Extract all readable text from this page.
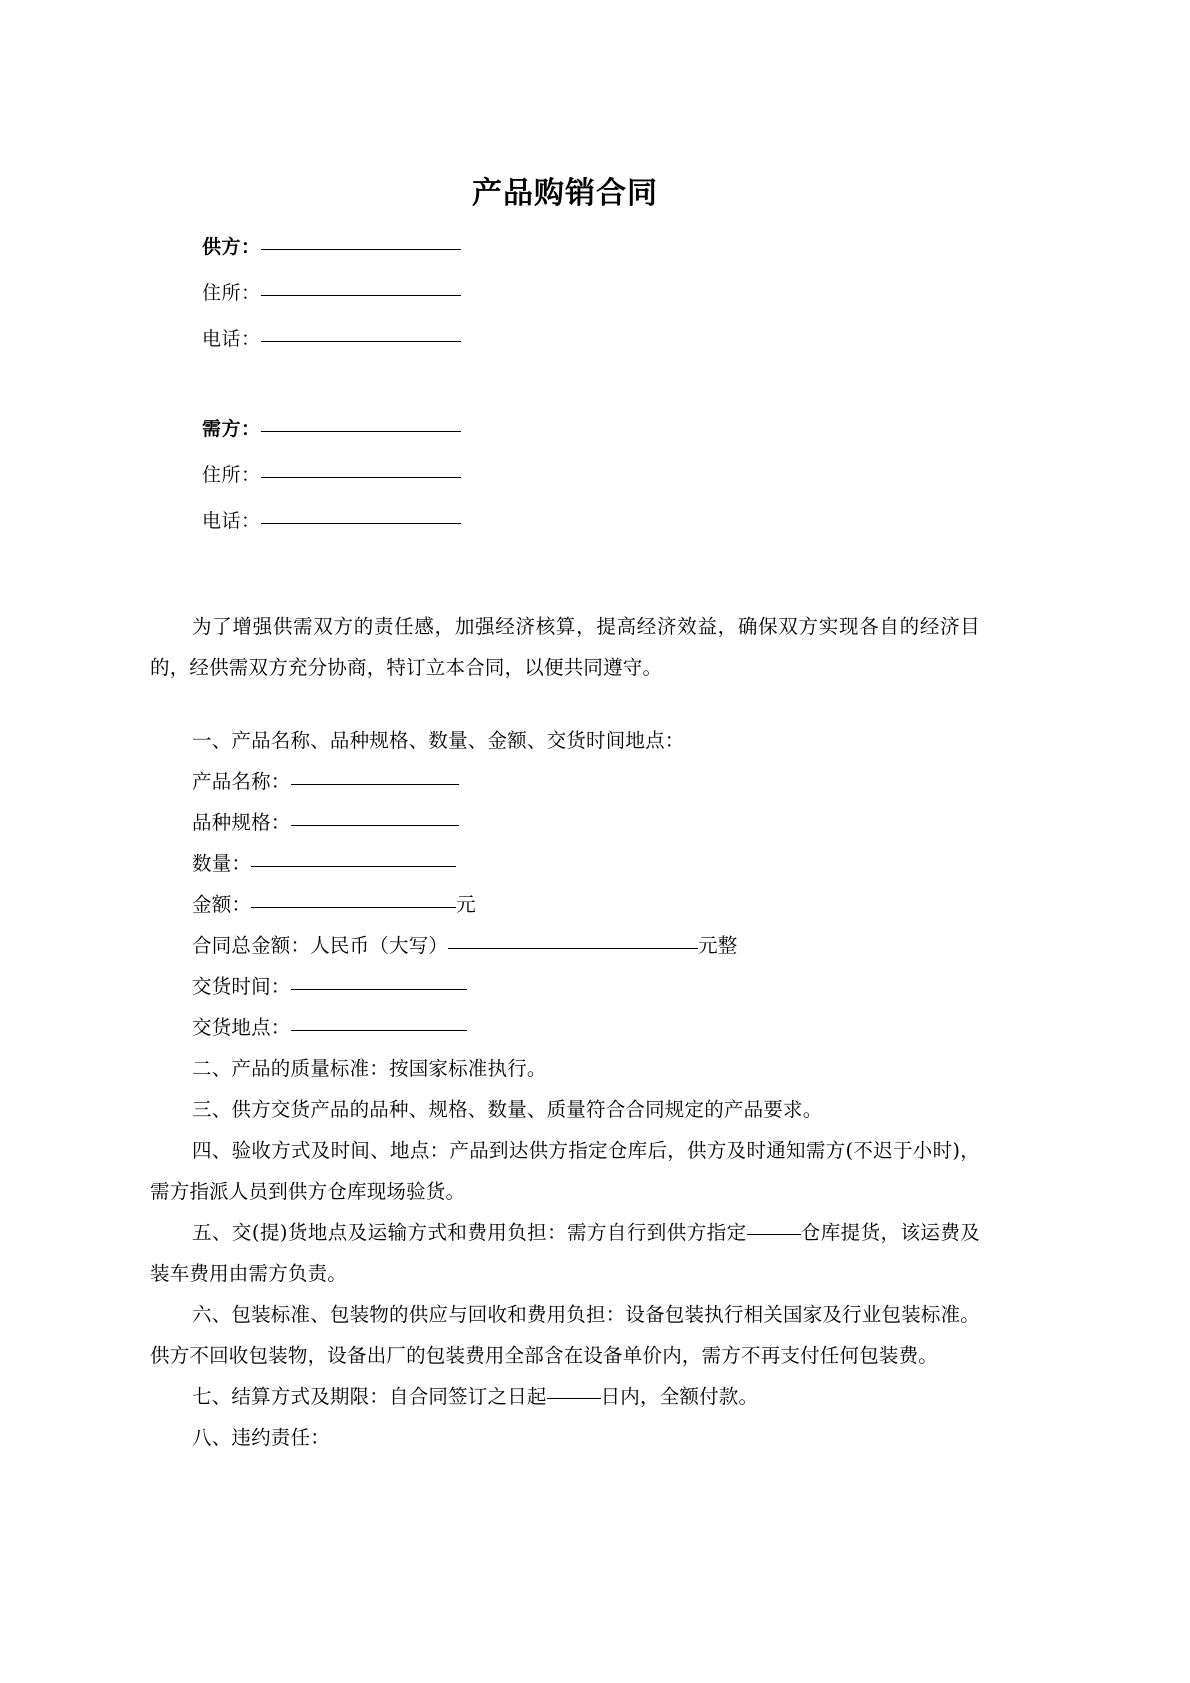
产品购销合同
供方：
住所：
电话：
需方：
住所：
电话：

为了增强供需双方的责任感，加强经济核算，提高经济效益，确保双方实现各自的经济目的，经供需双方充分协商，特订立本合同，以便共同遵守。

一、产品名称、品种规格、数量、金额、交货时间地点：

产品名称：
品种规格：
数量：
金额：	元
合同总金额：人民币（大写）	元整
交货时间：
交货地点：

二、产品的质量标准：按国家标准执行。

三、供方交货产品的品种、规格、数量、质量符合合同规定的产品要求。

四、验收方式及时间、地点：产品到达供方指定仓库后，供方及时通知需方(不迟于小时)，需方指派人员到供方仓库现场验货。

五、交(提)货地点及运输方式和费用负担：需方自行到供方指定	仓库提货，该运费及装车费用由需方负责。

六、包装标准、包装物的供应与回收和费用负担：设备包装执行相关国家及行业包装标准。供方不回收包装物，设备出厂的包装费用全部含在设备单价内，需方不再支付任何包装费。

七、结算方式及期限：自合同签订之日起	日内，全额付款。

八、违约责任：
